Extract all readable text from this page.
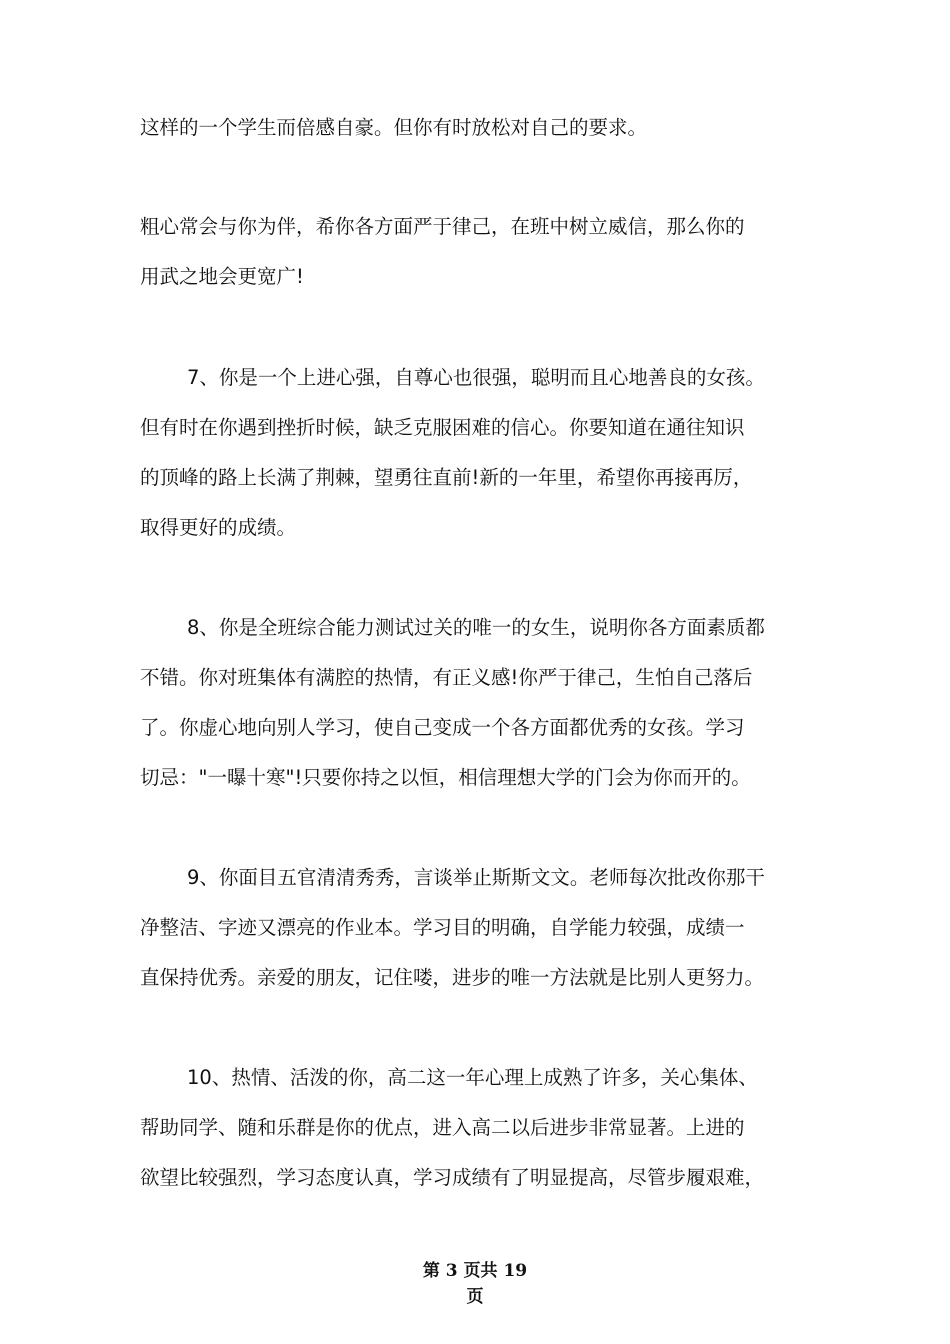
这样的一个学生而倍感自豪。但你有时放松对自己的要求。

粗心常会与你为伴，希你各方面严于律己，在班中树立威信，那么你的
用武之地会更宽广!

7、你是一个上进心强，自尊心也很强，聪明而且心地善良的女孩。
但有时在你遇到挫折时候，缺乏克服困难的信心。你要知道在通往知识
的顶峰的路上长满了荆棘，望勇往直前!新的一年里，希望你再接再厉，
取得更好的成绩。

8、你是全班综合能力测试过关的唯一的女生，说明你各方面素质都
不错。你对班集体有满腔的热情，有正义感!你严于律己，生怕自己落后
了。你虚心地向别人学习，使自己变成一个各方面都优秀的女孩。学习
切忌："一曝十寒"!只要你持之以恒，相信理想大学的门会为你而开的。

9、你面目五官清清秀秀，言谈举止斯斯文文。老师每次批改你那干
净整洁、字迹又漂亮的作业本。学习目的明确，自学能力较强，成绩一
直保持优秀。亲爱的朋友，记住喽，进步的唯一方法就是比别人更努力。

10、热情、活泼的你，高二这一年心理上成熟了许多，关心集体、
帮助同学、随和乐群是你的优点，进入高二以后进步非常显著。上进的
欲望比较强烈，学习态度认真，学习成绩有了明显提高，尽管步履艰难，

第 3 页共 19
页
